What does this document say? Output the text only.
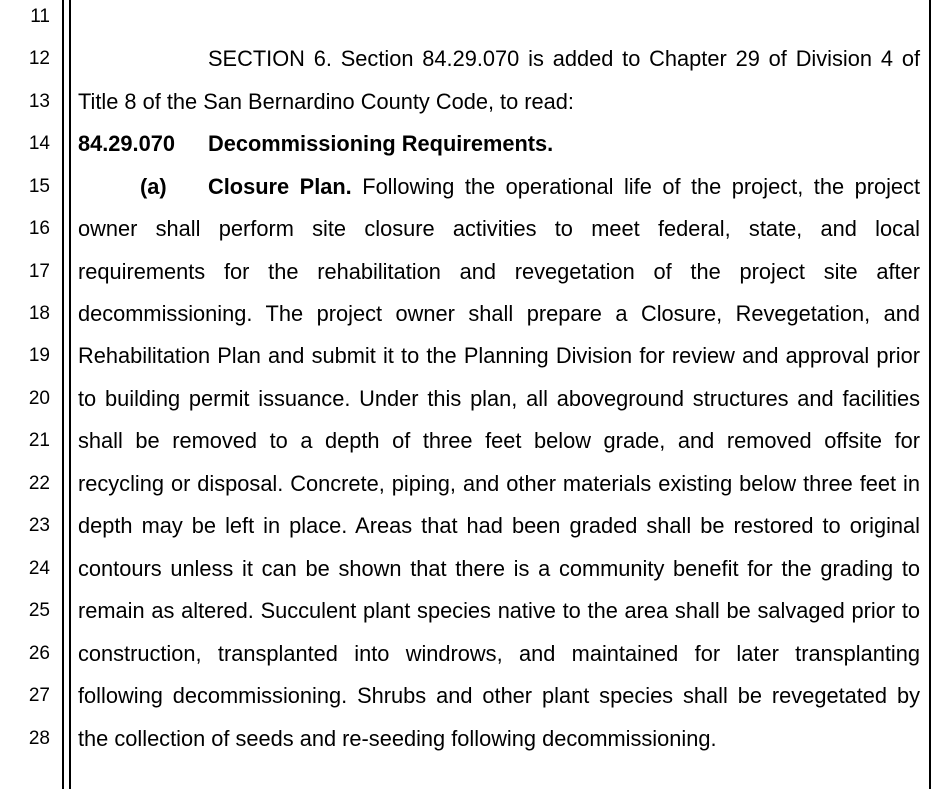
11
12	SECTION 6. Section 84.29.070 is added to Chapter 29 of Division 4 of
13 Title 8 of the San Bernardino County Code, to read:
14 84.29.070 Decommissioning Requirements.
15	(a) Closure Plan. Following the operational life of the project, the project
16 owner shall perform site closure activities to meet federal, state, and local
17 requirements for the rehabilitation and revegetation of the project site after
18 decommissioning. The project owner shall prepare a Closure, Revegetation, and
19 Rehabilitation Plan and submit it to the Planning Division for review and approval prior
20 to building permit issuance. Under this plan, all aboveground structures and facilities
21 shall be removed to a depth of three feet below grade, and removed offsite for
22 recycling or disposal. Concrete, piping, and other materials existing below three feet in
23 depth may be left in place. Areas that had been graded shall be restored to original
24 contours unless it can be shown that there is a community benefit for the grading to
25 remain as altered. Succulent plant species native to the area shall be salvaged prior to
26 construction, transplanted into windrows, and maintained for later transplanting
27 following decommissioning. Shrubs and other plant species shall be revegetated by
28 the collection of seeds and re-seeding following decommissioning.
